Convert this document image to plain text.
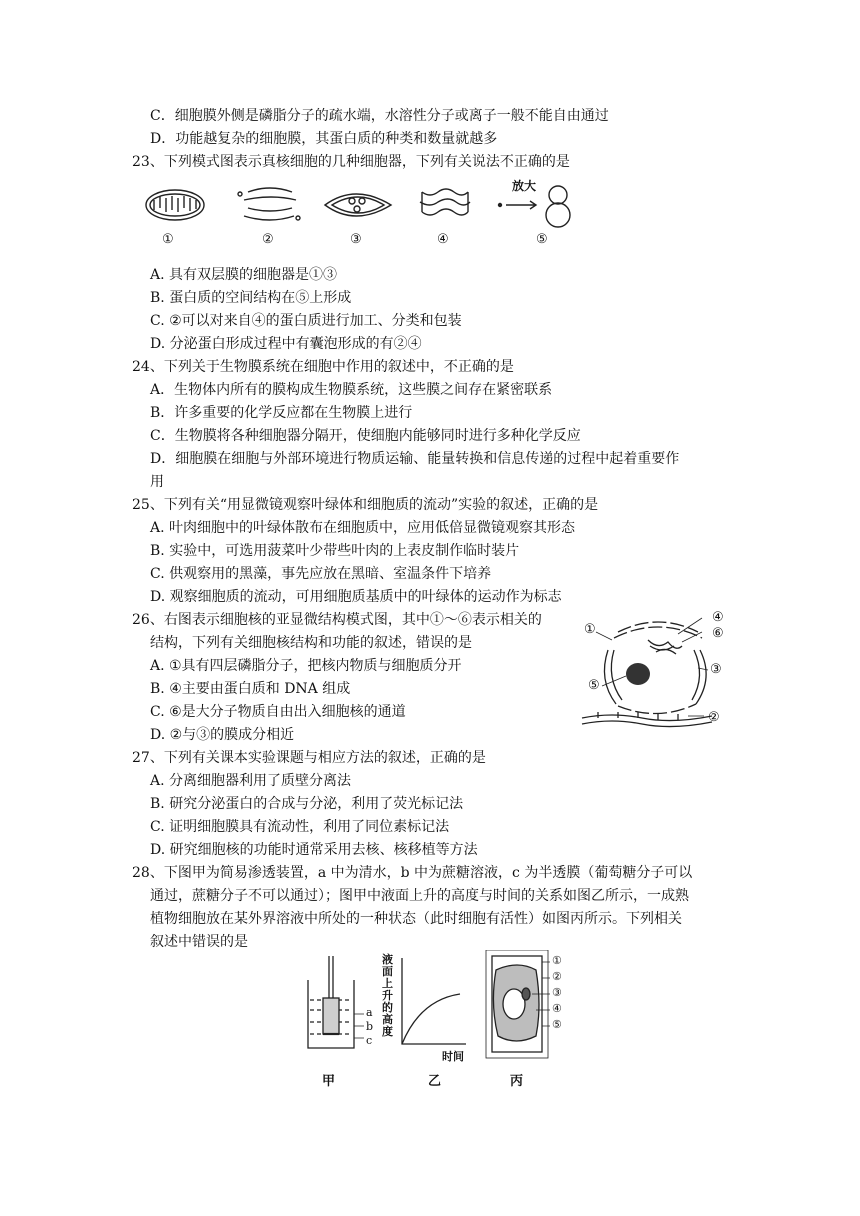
C．细胞膜外侧是磷脂分子的疏水端，水溶性分子或离子一般不能自由通过
D．功能越复杂的细胞膜，其蛋白质的种类和数量就越多
23、下列模式图表示真核细胞的几种细胞器，下列有关说法不正确的是
放大
①	②	③	④	⑤
A. 具有双层膜的细胞器是①③
B. 蛋白质的空间结构在⑤上形成
C. ②可以对来自④的蛋白质进行加工、分类和包装
D. 分泌蛋白形成过程中有囊泡形成的有②④
24、下列关于生物膜系统在细胞中作用的叙述中，不正确的是
A．生物体内所有的膜构成生物膜系统，这些膜之间存在紧密联系
B．许多重要的化学反应都在生物膜上进行
C．生物膜将各种细胞器分隔开，使细胞内能够同时进行多种化学反应
D．细胞膜在细胞与外部环境进行物质运输、能量转换和信息传递的过程中起着重要作
用
25、下列有关“用显微镜观察叶绿体和细胞质的流动”实验的叙述，正确的是
A. 叶肉细胞中的叶绿体散布在细胞质中，应用低倍显微镜观察其形态
B. 实验中，可选用菠菜叶少带些叶肉的上表皮制作临时装片
C. 供观察用的黑藻，事先应放在黑暗、室温条件下培养
D. 观察细胞质的流动，可用细胞质基质中的叶绿体的运动作为标志
26、右图表示细胞核的亚显微结构模式图，其中①～⑥表示相关的
结构，下列有关细胞核结构和功能的叙述，错误的是
A. ①具有四层磷脂分子，把核内物质与细胞质分开
B. ④主要由蛋白质和 DNA 组成
C. ⑥是大分子物质自由出入细胞核的通道
D. ②与③的膜成分相近
①
②
③
④
⑤
⑥
27、下列有关课本实验课题与相应方法的叙述，正确的是
A. 分离细胞器利用了质壁分离法
B. 研究分泌蛋白的合成与分泌，利用了荧光标记法
C. 证明细胞膜具有流动性，利用了同位素标记法
D. 研究细胞核的功能时通常采用去核、核移植等方法
28、下图甲为简易渗透装置，a 中为清水，b 中为蔗糖溶液，c 为半透膜（葡萄糖分子可以
通过，蔗糖分子不可以通过）；图甲中液面上升的高度与时间的关系如图乙所示，一成熟
植物细胞放在某外界溶液中所处的一种状态（此时细胞有活性）如图丙所示。下列相关
叙述中错误的是
a
b
c
液面上升的高度
时间
①
②
③
④
⑤
甲	乙	丙
